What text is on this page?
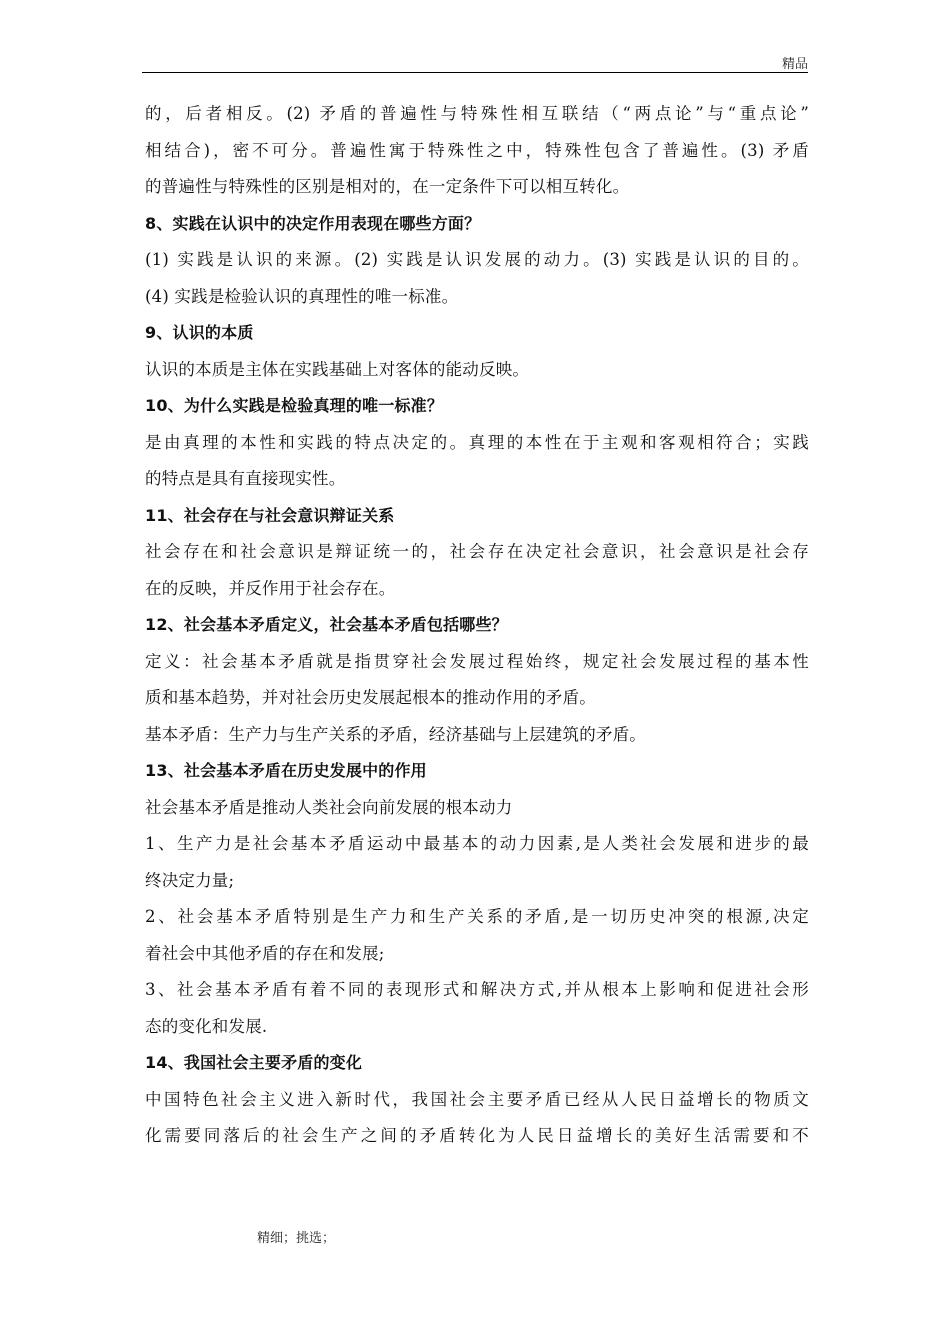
精品
的，后者相反。(2) 矛盾的普遍性与特殊性相互联结（“两点论”与“重点论”
相结合)，密不可分。普遍性寓于特殊性之中，特殊性包含了普遍性。(3) 矛盾
的普遍性与特殊性的区别是相对的，在一定条件下可以相互转化。
8、实践在认识中的决定作用表现在哪些方面？
(1) 实践是认识的来源。(2) 实践是认识发展的动力。(3) 实践是认识的目的。
(4) 实践是检验认识的真理性的唯一标准。
9、认识的本质
认识的本质是主体在实践基础上对客体的能动反映。
10、为什么实践是检验真理的唯一标准？
是由真理的本性和实践的特点决定的。真理的本性在于主观和客观相符合；实践
的特点是具有直接现实性。
11、社会存在与社会意识辩证关系
社会存在和社会意识是辩证统一的，社会存在决定社会意识，社会意识是社会存
在的反映，并反作用于社会存在。
12、社会基本矛盾定义，社会基本矛盾包括哪些？
定义：社会基本矛盾就是指贯穿社会发展过程始终，规定社会发展过程的基本性
质和基本趋势，并对社会历史发展起根本的推动作用的矛盾。
基本矛盾：生产力与生产关系的矛盾，经济基础与上层建筑的矛盾。
13、社会基本矛盾在历史发展中的作用
社会基本矛盾是推动人类社会向前发展的根本动力
1、生产力是社会基本矛盾运动中最基本的动力因素,是人类社会发展和进步的最
终决定力量;
2、社会基本矛盾特别是生产力和生产关系的矛盾,是一切历史冲突的根源,决定
着社会中其他矛盾的存在和发展;
3、社会基本矛盾有着不同的表现形式和解决方式,并从根本上影响和促进社会形
态的变化和发展.
14、我国社会主要矛盾的变化
中国特色社会主义进入新时代，我国社会主要矛盾已经从人民日益增长的物质文
化需要同落后的社会生产之间的矛盾转化为人民日益增长的美好生活需要和不
精细；挑选；
